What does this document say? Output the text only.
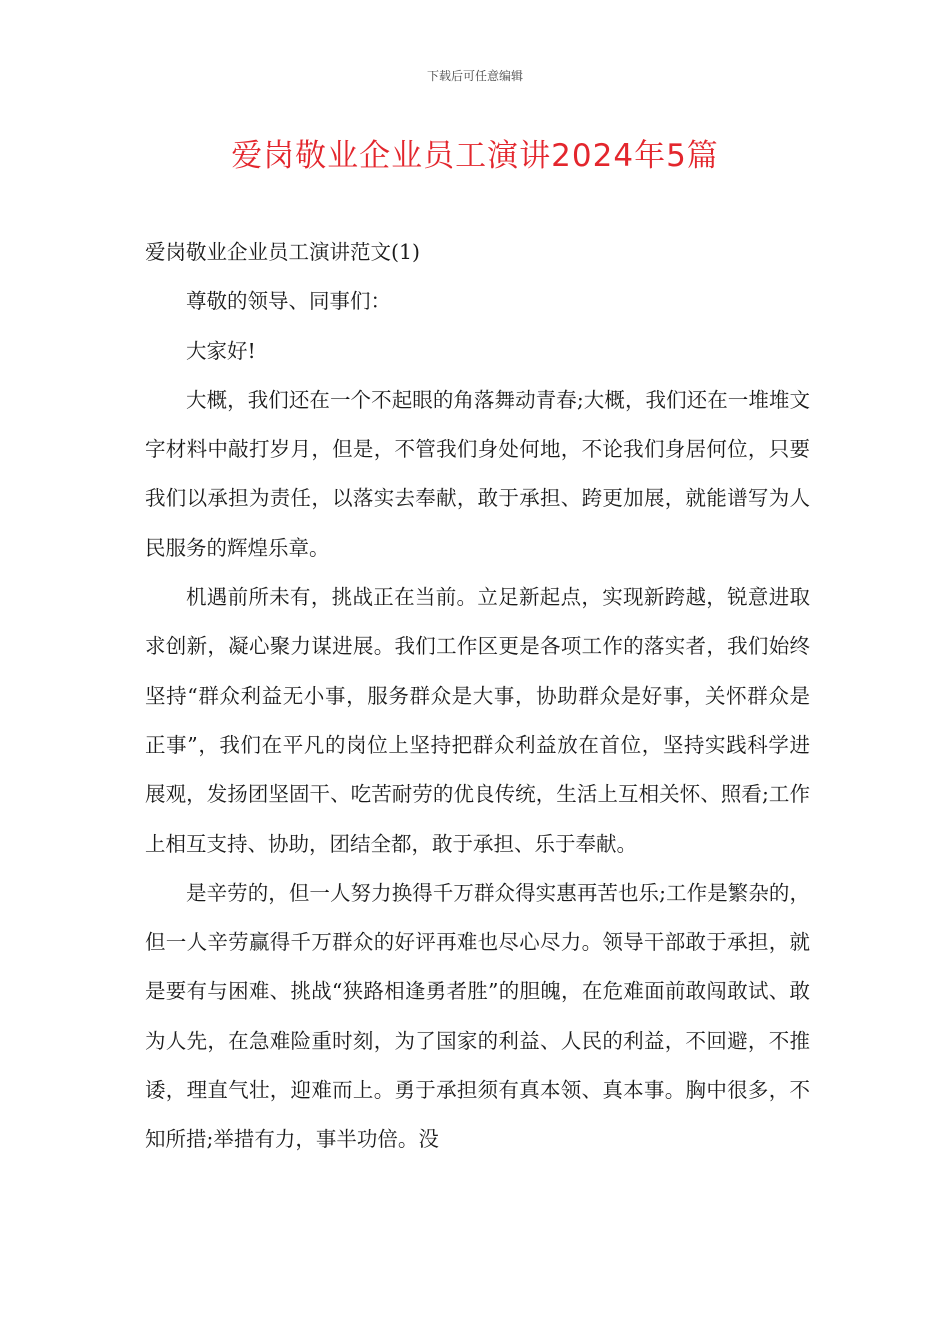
下载后可任意编辑
爱岗敬业企业员工演讲2024年5篇

爱岗敬业企业员工演讲范文(1)

尊敬的领导、同事们：

大家好!

大概，我们还在一个不起眼的角落舞动青春;大概，我们还在一堆堆文字材料中敲打岁月，但是，不管我们身处何地，不论我们身居何位，只要我们以承担为责任，以落实去奉献，敢于承担、跨更加展，就能谱写为人民服务的辉煌乐章。

机遇前所未有，挑战正在当前。立足新起点，实现新跨越，锐意进取求创新，凝心聚力谋进展。我们工作区更是各项工作的落实者，我们始终坚持“群众利益无小事，服务群众是大事，协助群众是好事，关怀群众是正事”，我们在平凡的岗位上坚持把群众利益放在首位，坚持实践科学进展观，发扬团坚固干、吃苦耐劳的优良传统，生活上互相关怀、照看;工作上相互支持、协助，团结全都，敢于承担、乐于奉献。

是辛劳的，但一人努力换得千万群众得实惠再苦也乐;工作是繁杂的，但一人辛劳赢得千万群众的好评再难也尽心尽力。领导干部敢于承担，就是要有与困难、挑战“狭路相逢勇者胜”的胆魄，在危难面前敢闯敢试、敢为人先，在急难险重时刻，为了国家的利益、人民的利益，不回避，不推诿，理直气壮，迎难而上。勇于承担须有真本领、真本事。胸中很多，不知所措;举措有力，事半功倍。没
